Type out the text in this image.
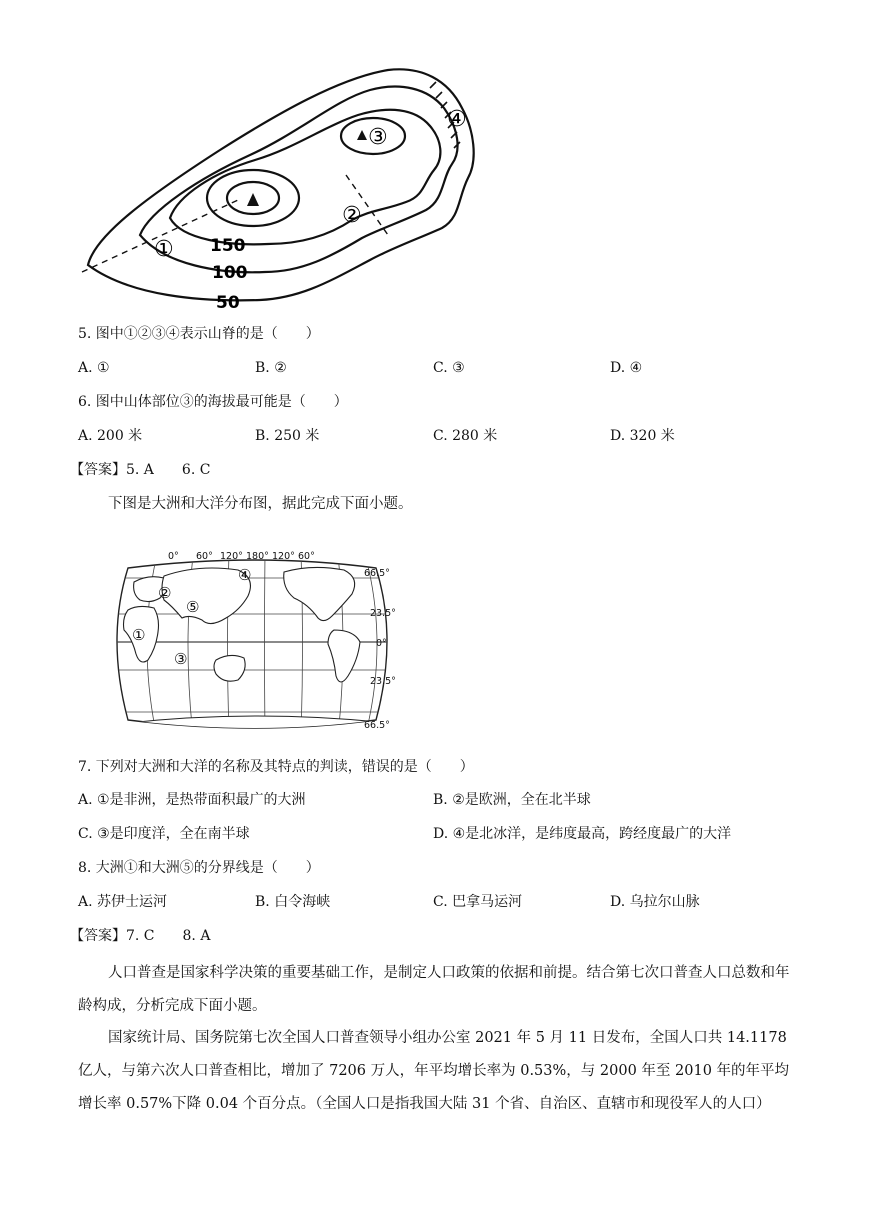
①
②
③
④
150
100
50
5. 图中①②③④表示山脊的是（　　）
A. ①	B. ②	C. ③	D. ④
6. 图中山体部位③的海拔最可能是（　　）
A. 200 米	B. 250 米	C. 280 米	D. 320 米
【答案】5. A　　6. C
下图是大洲和大洋分布图，据此完成下面小题。
0° 60° 120° 180° 120° 60°
66.5°
23.5°
0°
23.5°
66.5°
①
②
③
④
⑤
7. 下列对大洲和大洋的名称及其特点的判读，错误的是（　　）
A. ①是非洲，是热带面积最广的大洲	B. ②是欧洲，全在北半球
C. ③是印度洋，全在南半球	D. ④是北冰洋，是纬度最高，跨经度最广的大洋
8. 大洲①和大洲⑤的分界线是（　　）
A. 苏伊士运河	B. 白令海峡	C. 巴拿马运河	D. 乌拉尔山脉
【答案】7. C　　8. A
人口普查是国家科学决策的重要基础工作，是制定人口政策的依据和前提。结合第七次口普查人口总数和年龄构成，分析完成下面小题。
国家统计局、国务院第七次全国人口普查领导小组办公室 2021 年 5 月 11 日发布，全国人口共 14.1178 亿人，与第六次人口普查相比，增加了 7206 万人，年平均增长率为 0.53%，与 2000 年至 2010 年的年平均增长率 0.57%下降 0.04 个百分点。（全国人口是指我国大陆 31 个省、自治区、直辖市和现役军人的人口）
